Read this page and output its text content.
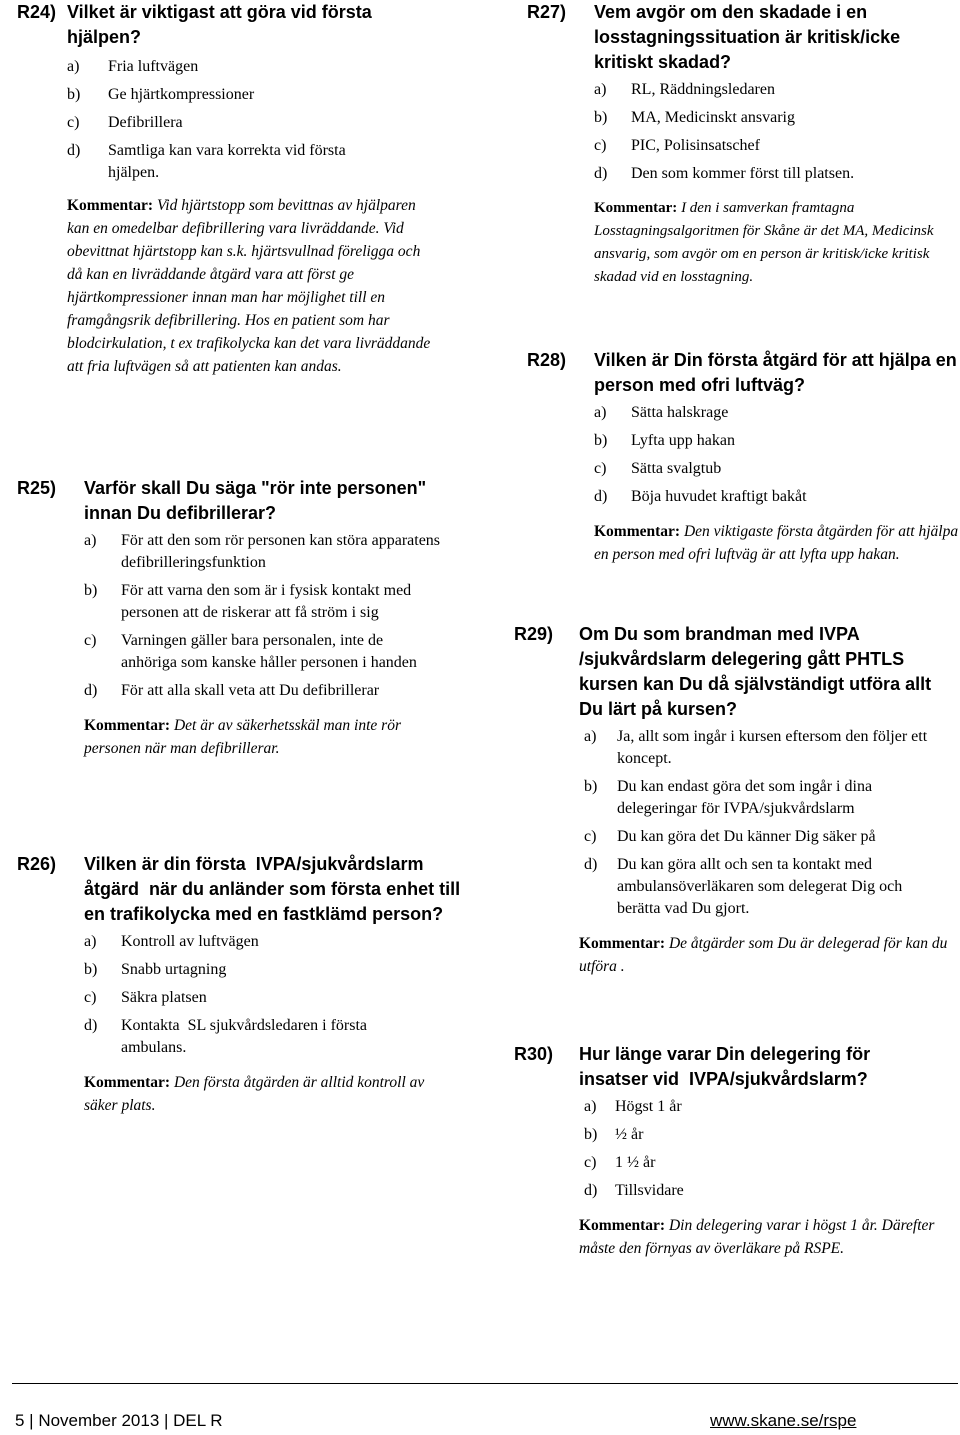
R24) Vilket är viktigast att göra vid första hjälpen?

a) Fria luftvägen
b) Ge hjärtkompressioner
c) Defibrillera
d) Samtliga kan vara korrekta vid första hjälpen.
Kommentar: Vid hjärtstopp som bevittnas av hjälparen kan en omedelbar defibrillering vara livräddande. Vid obevittnat hjärtstopp kan s.k. hjärtsvullnad föreligga och då kan en livräddande åtgärd vara att först ge hjärtkompressioner innan man har möjlighet till en framgångsrik defibrillering. Hos en patient som har blodcirkulation, t ex trafikolycka kan det vara livräddande att fria luftvägen så att patienten kan andas.
R25) Varför skall Du säga "rör inte personen" innan Du defibrillerar?

a) För att den som rör personen kan störa apparatens defibrilleringsfunktion
b) För att varna den som är i fysisk kontakt med personen att de riskerar att få ström i sig
c) Varningen gäller bara personalen, inte de anhöriga som kanske håller personen i handen
d) För att alla skall veta att Du defibrillerar
Kommentar: Det är av säkerhetsskäl man inte rör personen när man defibrillerar.
R26) Vilken är din första  IVPA/sjukvårdslarm åtgärd  när du anländer som första enhet till en trafikolycka med en fastklämd person?

a) Kontroll av luftvägen
b) Snabb urtagning
c) Säkra platsen
d) Kontakta  SL sjukvårdsledaren i första ambulans.
Kommentar: Den första åtgärden är alltid kontroll av säker plats.
R27) Vem avgör om den skadade i en losstagningssituation är kritisk/icke kritiskt skadad?

a) RL, Räddningsledaren
b) MA, Medicinskt ansvarig
c) PIC, Polisinsatschef
d) Den som kommer först till platsen.
Kommentar: I den i samverkan framtagna Losstagningsalgoritmen för Skåne är det MA, Medicinsk ansvarig, som avgör om en person är kritisk/icke kritisk skadad vid en losstagning.
R28) Vilken är Din första åtgärd för att hjälpa en person med ofri luftväg?

a) Sätta halskrage
b) Lyfta upp hakan
c) Sätta svalgtub
d) Böja huvudet kraftigt bakåt
Kommentar: Den viktigaste första åtgärden för att hjälpa en person med ofri luftväg är att lyfta upp hakan.
R29) Om Du som brandman med IVPA /sjukvårdslarm delegering gått PHTLS kursen kan Du då självständigt utföra allt Du lärt på kursen?

a) Ja, allt som ingår i kursen eftersom den följer ett koncept.
b) Du kan endast göra det som ingår i dina delegeringar för IVPA/sjukvårdslarm
c) Du kan göra det Du känner Dig säker på
d) Du kan göra allt och sen ta kontakt med ambulansöverläkaren som delegerat Dig och berätta vad Du gjort.
Kommentar: De åtgärder som Du är delegerad för kan du utföra .
R30) Hur länge varar Din delegering för insatser vid  IVPA/sjukvårdslarm?

a) Högst 1 år
b) ½ år
c) 1 ½ år
d) Tillsvidare
Kommentar: Din delegering varar i högst 1 år. Därefter måste den förnyas av överläkare på RSPE.
5 | November 2013 | DEL R	www.skane.se/rspe
